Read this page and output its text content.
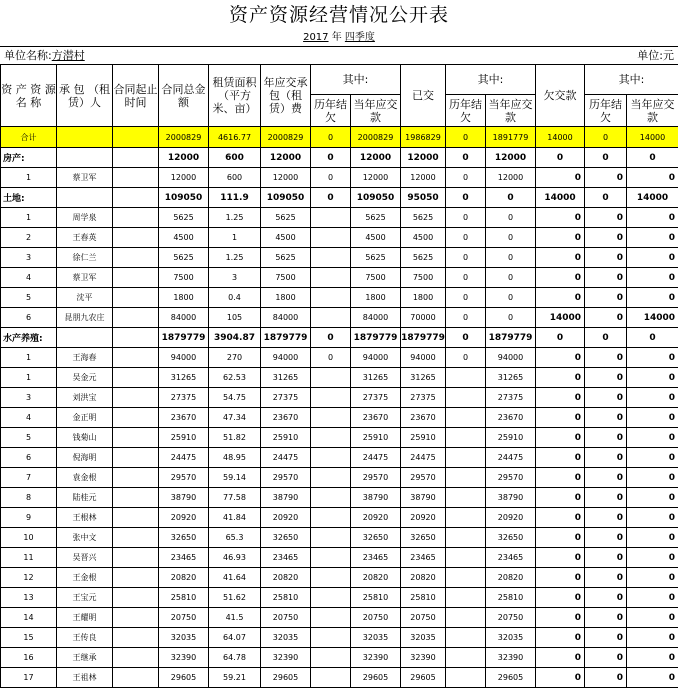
资产资源经营情况公开表
2017 年 四季度
单位名称:方潜村	单位:元
资 产 资 源 名 称	承 包 （租赁）人	合同起止时间	合同总金额	租赁面积（平方米、亩）	年应交承包（租赁）费	其中:		已交	其中:		欠交款	其中:	
						历年结欠	当年应交款		历年结欠	当年应交款		历年结欠	当年应交款
合计			2000829	4616.77	2000829	0	2000829	1986829	0	1891779	14000	0	14000
房产:			12000	600	12000	0	12000	12000	0	12000	0	0	0
1	蔡卫军		12000	600	12000	0	12000	12000	0	12000	0	0	0
土地:			109050	111.9	109050	0	109050	95050	0	0	14000	0	14000
1	周学泉		5625	1.25	5625		5625	5625	0	0	0	0	0
2	王春英		4500	1	4500		4500	4500	0	0	0	0	0
3	徐仁兰		5625	1.25	5625		5625	5625	0	0	0	0	0
4	蔡卫军		7500	3	7500		7500	7500	0	0	0	0	0
5	沈平		1800	0.4	1800		1800	1800	0	0	0	0	0
6	昆朋九农庄		84000	105	84000		84000	70000	0	0	14000	0	14000
水产养殖:			1879779	3904.87	1879779	0	1879779	1879779	0	1879779	0	0	0
1	王海春		94000	270	94000	0	94000	94000	0	94000	0	0	0
1	吴金元		31265	62.53	31265		31265	31265		31265	0	0	0
3	刘洪宝		27375	54.75	27375		27375	27375		27375	0	0	0
4	金正明		23670	47.34	23670		23670	23670		23670	0	0	0
5	钱菊山		25910	51.82	25910		25910	25910		25910	0	0	0
6	倪海明		24475	48.95	24475		24475	24475		24475	0	0	0
7	袁金根		29570	59.14	29570		29570	29570		29570	0	0	0
8	陆桂元		38790	77.58	38790		38790	38790		38790	0	0	0
9	王根林		20920	41.84	20920		20920	20920		20920	0	0	0
10	张中文		32650	65.3	32650		32650	32650		32650	0	0	0
11	吴晋兴		23465	46.93	23465		23465	23465		23465	0	0	0
12	王金根		20820	41.64	20820		20820	20820		20820	0	0	0
13	王宝元		25810	51.62	25810		25810	25810		25810	0	0	0
14	王耀明		20750	41.5	20750		20750	20750		20750	0	0	0
15	王传良		32035	64.07	32035		32035	32035		32035	0	0	0
16	王继承		32390	64.78	32390		32390	32390		32390	0	0	0
17	王祖林		29605	59.21	29605		29605	29605		29605	0	0	0
